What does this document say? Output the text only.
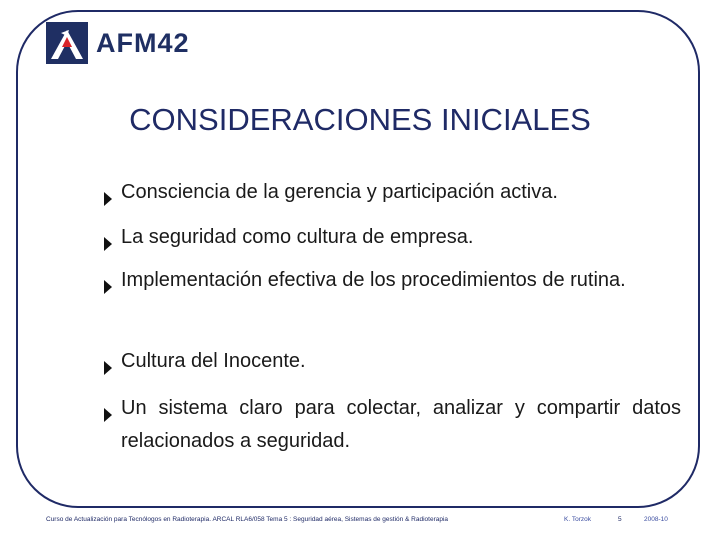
AFM42
CONSIDERACIONES INICIALES
Consciencia de la gerencia y participación activa.
La seguridad como cultura de empresa.
Implementación efectiva de los procedimientos de rutina.
Cultura del Inocente.
Un sistema claro para colectar, analizar y compartir datos relacionados a seguridad.
Curso de Actualización para Tecnólogos en Radioterapia. ARCAL RLA6/058 Tema 5 : Seguridad aérea, Sistemas de gestión & Radioterapia	K. Torzok	5	2008-10
